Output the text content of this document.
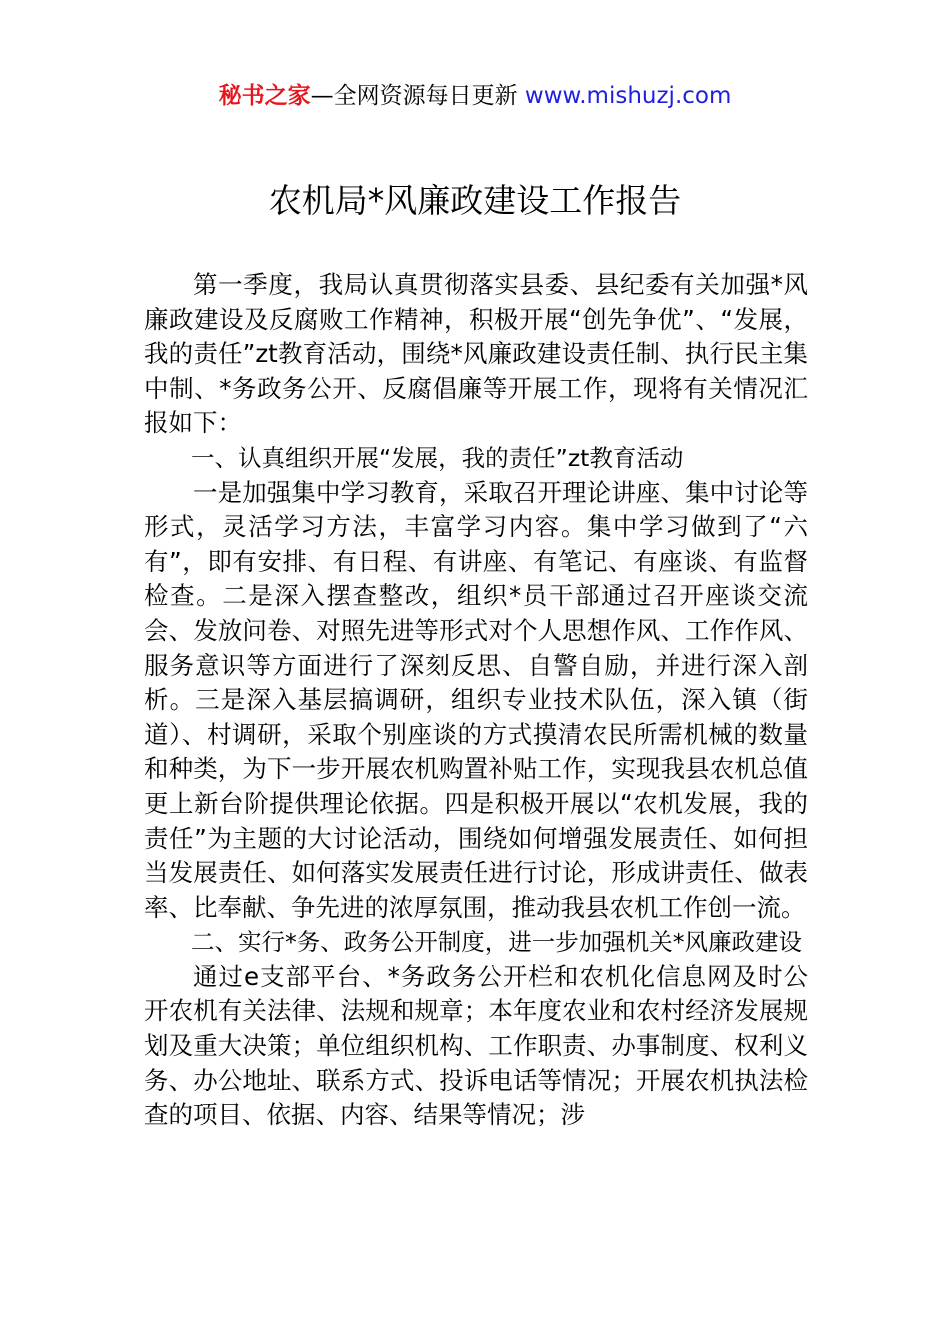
秘书之家—全网资源每日更新 www.mishuzj.com
农机局*风廉政建设工作报告

第一季度，我局认真贯彻落实县委、县纪委有关加强*风廉政建设及反腐败工作精神，积极开展“创先争优”、“发展，我的责任”zt教育活动，围绕*风廉政建设责任制、执行民主集中制、*务政务公开、反腐倡廉等开展工作，现将有关情况汇报如下：

一、认真组织开展“发展，我的责任”zt教育活动

一是加强集中学习教育，采取召开理论讲座、集中讨论等形式，灵活学习方法，丰富学习内容。集中学习做到了“六有”，即有安排、有日程、有讲座、有笔记、有座谈、有监督检查。二是深入摆查整改，组织*员干部通过召开座谈交流会、发放问卷、对照先进等形式对个人思想作风、工作作风、服务意识等方面进行了深刻反思、自警自励，并进行深入剖析。三是深入基层搞调研，组织专业技术队伍，深入镇（街道）、村调研，采取个别座谈的方式摸清农民所需机械的数量和种类，为下一步开展农机购置补贴工作，实现我县农机总值更上新台阶提供理论依据。四是积极开展以“农机发展，我的责任”为主题的大讨论活动，围绕如何增强发展责任、如何担当发展责任、如何落实发展责任进行讨论，形成讲责任、做表率、比奉献、争先进的浓厚氛围，推动我县农机工作创一流。

二、实行*务、政务公开制度，进一步加强机关*风廉政建设

通过e支部平台、*务政务公开栏和农机化信息网及时公开农机有关法律、法规和规章；本年度农业和农村经济发展规划及重大决策；单位组织机构、工作职责、办事制度、权利义务、办公地址、联系方式、投诉电话等情况；开展农机执法检查的项目、依据、内容、结果等情况；涉
